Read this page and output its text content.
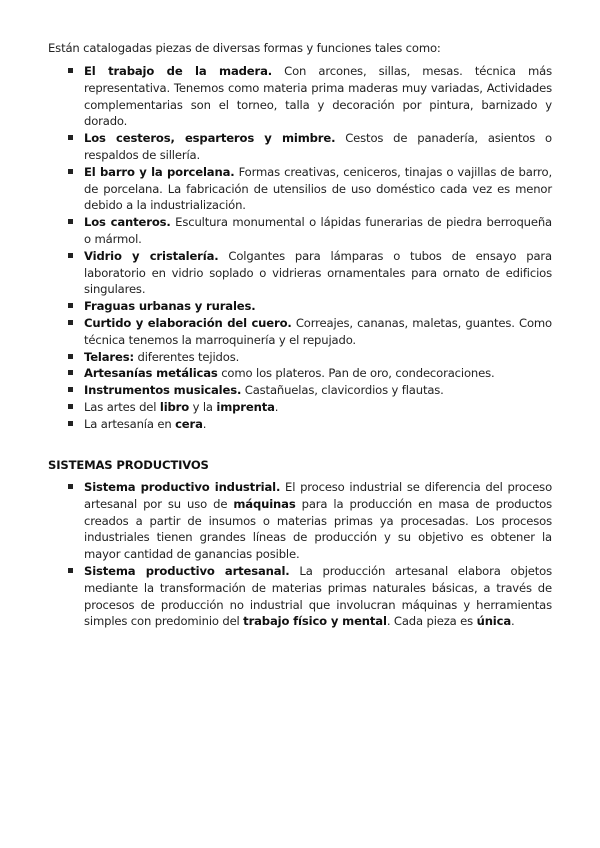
Están catalogadas piezas de diversas formas y funciones tales como:
El trabajo de la madera. Con arcones, sillas, mesas. técnica más representativa. Tenemos como materia prima maderas muy variadas, Actividades complementarias son el torneo, talla y decoración por pintura, barnizado y dorado.
Los cesteros, esparteros y mimbre. Cestos de panadería, asientos o respaldos de sillería.
El barro y la porcelana. Formas creativas, ceniceros, tinajas o vajillas de barro, de porcelana. La fabricación de utensilios de uso doméstico cada vez es menor debido a la industrialización.
Los canteros. Escultura monumental o lápidas funerarias de piedra berroqueña o mármol.
Vidrio y cristalería. Colgantes para lámparas o tubos de ensayo para laboratorio en vidrio soplado o vidrieras ornamentales para ornato de edificios singulares.
Fraguas urbanas y rurales.
Curtido y elaboración del cuero. Correajes, cananas, maletas, guantes. Como técnica tenemos la marroquinería y el repujado.
Telares: diferentes tejidos.
Artesanías metálicas como los plateros. Pan de oro, condecoraciones.
Instrumentos musicales. Castañuelas, clavicordios y flautas.
Las artes del libro y la imprenta.
La artesanía en cera.
SISTEMAS PRODUCTIVOS
Sistema productivo industrial. El proceso industrial se diferencia del proceso artesanal por su uso de máquinas para la producción en masa de productos creados a partir de insumos o materias primas ya procesadas. Los procesos industriales tienen grandes líneas de producción y su objetivo es obtener la mayor cantidad de ganancias posible.
Sistema productivo artesanal. La producción artesanal elabora objetos mediante la transformación de materias primas naturales básicas, a través de procesos de producción no industrial que involucran máquinas y herramientas simples con predominio del trabajo físico y mental. Cada pieza es única.
